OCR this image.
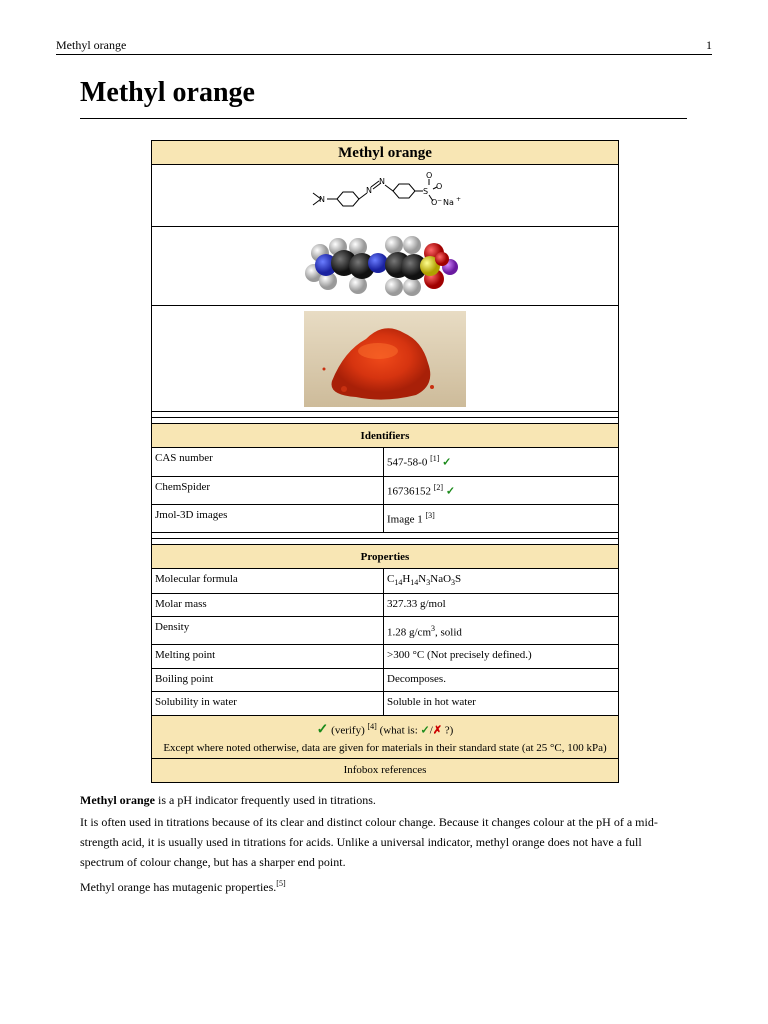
Methyl orange	1
Methyl orange
Methyl orange
N
N
N
S
O
O
O − Na +
Identifiers
CAS number	547-58-0 [1] ✓
ChemSpider	16736152 [2] ✓
Jmol-3D images	Image 1 [3]
Properties
Molecular formula	$C_{14}H_{14}N_3NaO_3S$
Molar mass	327.33 g/mol
Density	1.28 $g/cm^3$, solid
Melting point	>300 °C (Not precisely defined.)
Boiling point	Decomposes.
Solubility in water	Soluble in hot water
✓ (verify) [4] (what is: ✓/✗ ?)
Except where noted otherwise, data are given for materials in their standard state (at 25 °C, 100 kPa)
Infobox references

Methyl orange is a pH indicator frequently used in titrations.

It is often used in titrations because of its clear and distinct colour change. Because it changes colour at the pH of a mid-strength acid, it is usually used in titrations for acids. Unlike a universal indicator, methyl orange does not have a full spectrum of colour change, but has a sharper end point.

Methyl orange has mutagenic properties.[5]
